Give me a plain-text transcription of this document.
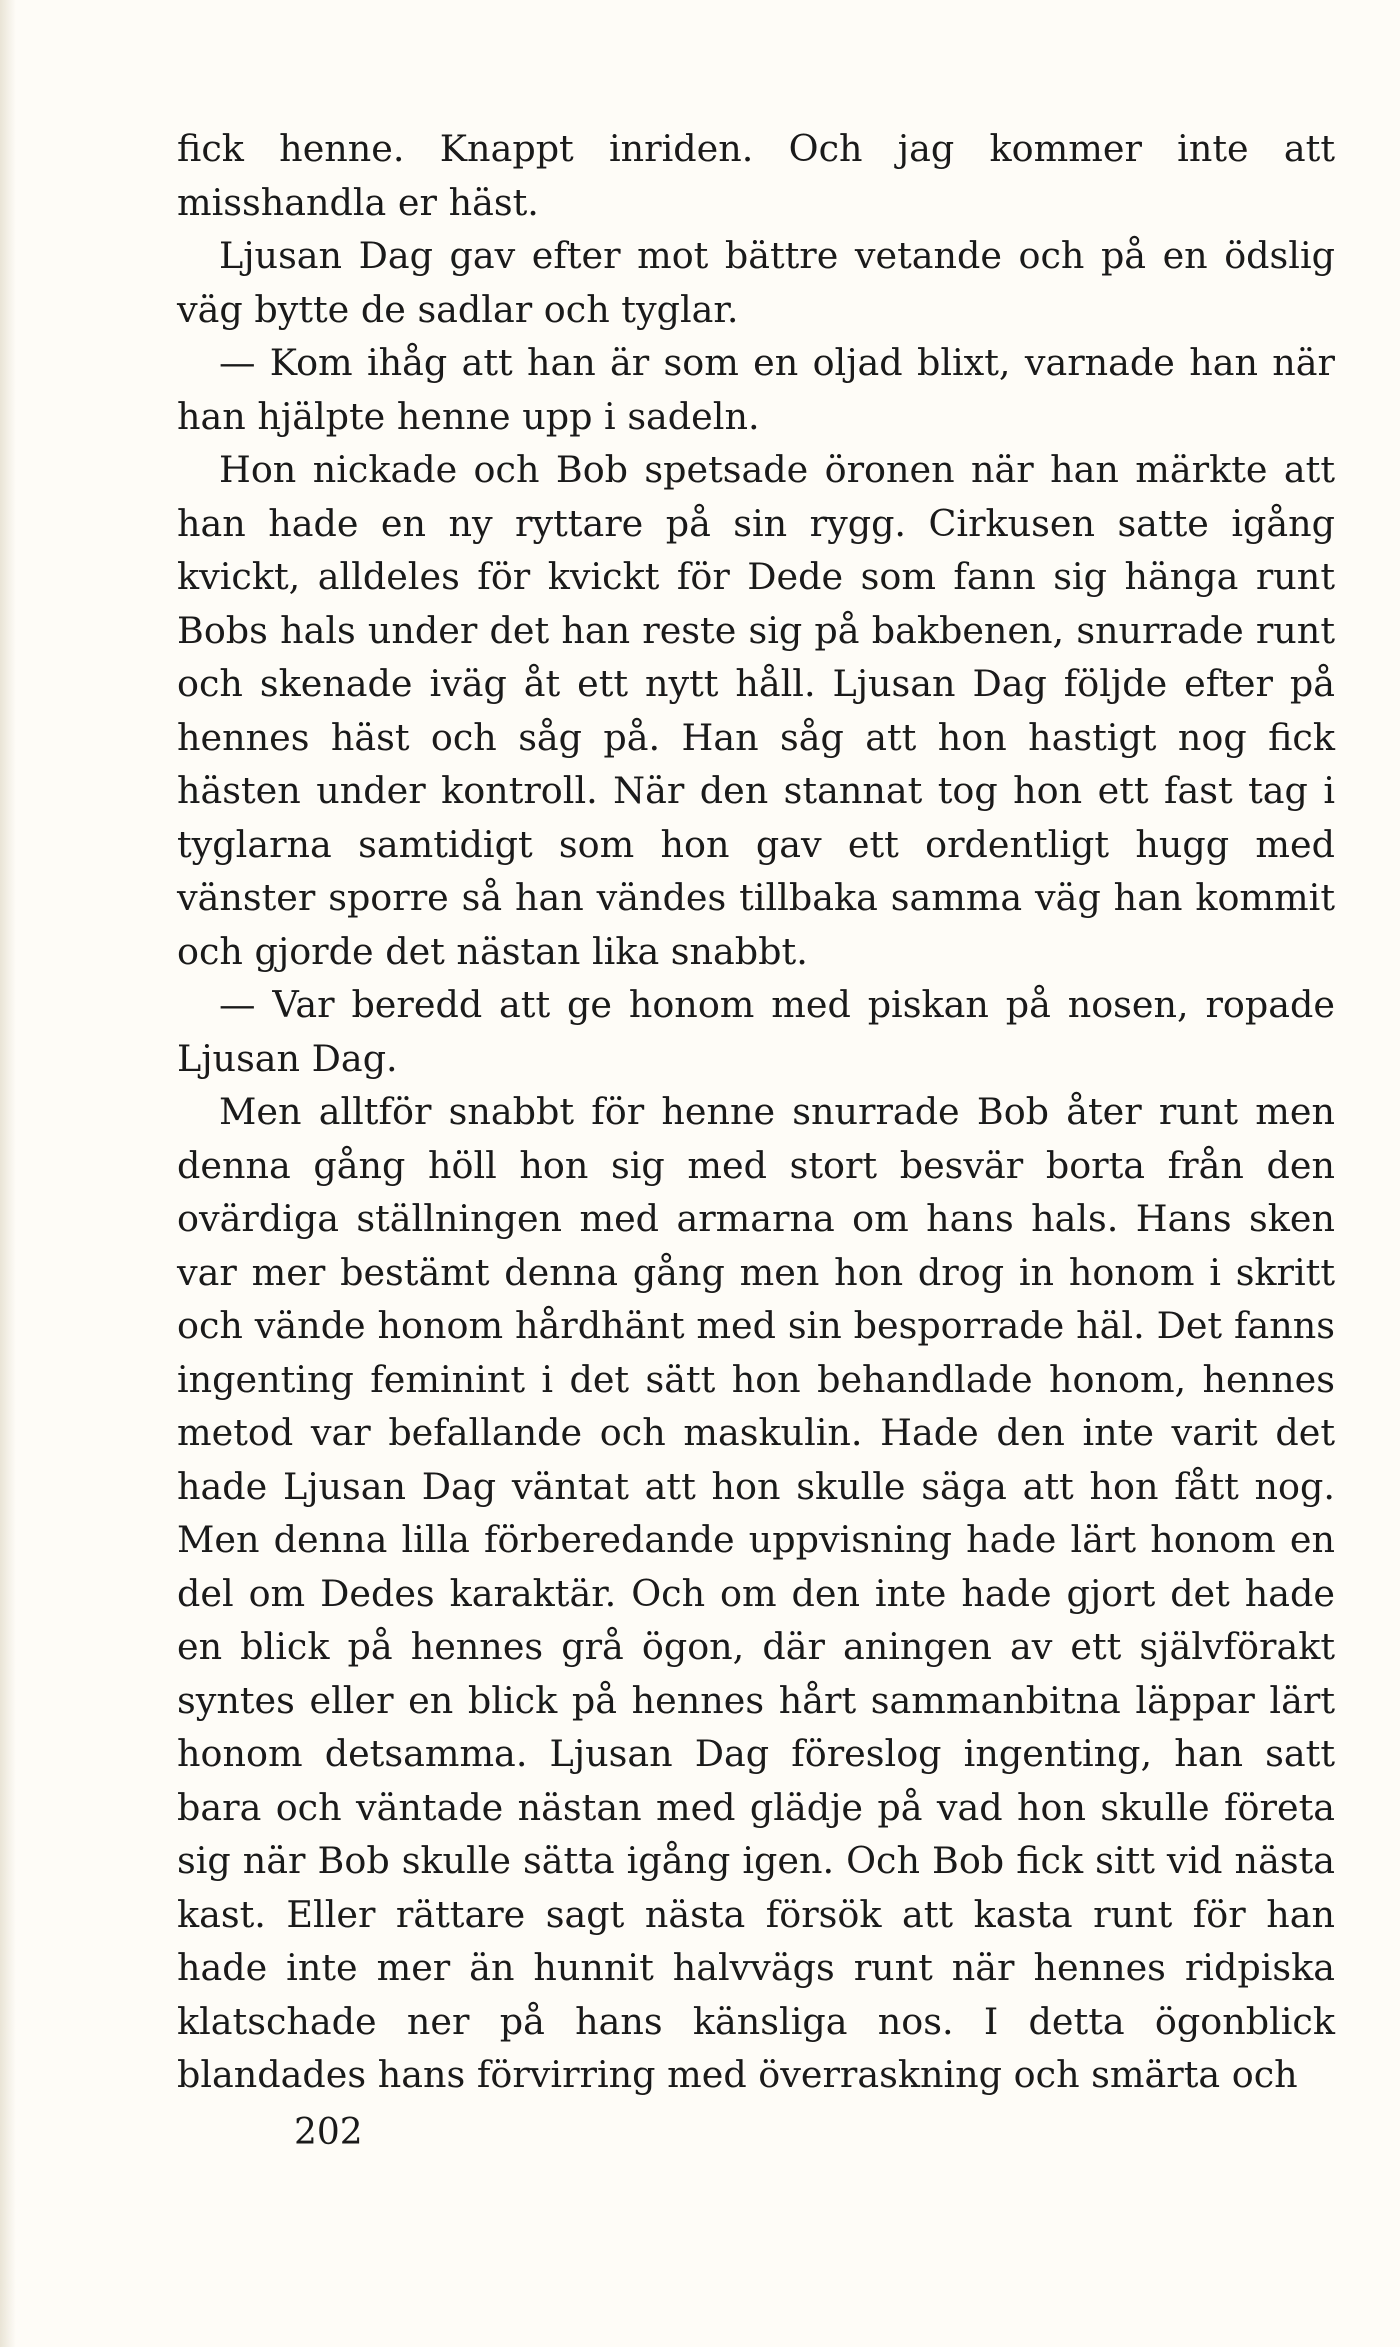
fick henne. Knappt inriden. Och jag kommer inte att misshandla er häst.

Ljusan Dag gav efter mot bättre vetande och på en ödslig väg bytte de sadlar och tyglar.

— Kom ihåg att han är som en oljad blixt, varnade han när han hjälpte henne upp i sadeln.

Hon nickade och Bob spetsade öronen när han märkte att han hade en ny ryttare på sin rygg. Cirkusen satte igång kvickt, alldeles för kvickt för Dede som fann sig hänga runt Bobs hals under det han reste sig på bakbenen, snurrade runt och skenade iväg åt ett nytt håll. Ljusan Dag följde efter på hennes häst och såg på. Han såg att hon hastigt nog fick hästen under kontroll. När den stannat tog hon ett fast tag i tyglarna samtidigt som hon gav ett ordentligt hugg med vänster sporre så han vändes tillbaka samma väg han kommit och gjorde det nästan lika snabbt.

— Var beredd att ge honom med piskan på nosen, ropade Ljusan Dag.

Men alltför snabbt för henne snurrade Bob åter runt men denna gång höll hon sig med stort besvär borta från den ovärdiga ställningen med armarna om hans hals. Hans sken var mer bestämt denna gång men hon drog in honom i skritt och vände honom hårdhänt med sin besporrade häl. Det fanns ingenting feminint i det sätt hon behandlade honom, hennes metod var befallande och maskulin. Hade den inte varit det hade Ljusan Dag väntat att hon skulle säga att hon fått nog. Men denna lilla förberedande uppvisning hade lärt honom en del om Dedes karaktär. Och om den inte hade gjort det hade en blick på hennes grå ögon, där aningen av ett självförakt syntes eller en blick på hennes hårt sammanbitna läppar lärt honom detsamma. Ljusan Dag föreslog ingenting, han satt bara och väntade nästan med glädje på vad hon skulle företa sig när Bob skulle sätta igång igen. Och Bob fick sitt vid nästa kast. Eller rättare sagt nästa försök att kasta runt för han hade inte mer än hunnit halvvägs runt när hennes ridpiska klatschade ner på hans känsliga nos. I detta ögonblick blandades hans förvirring med överraskning och smärta och

202
